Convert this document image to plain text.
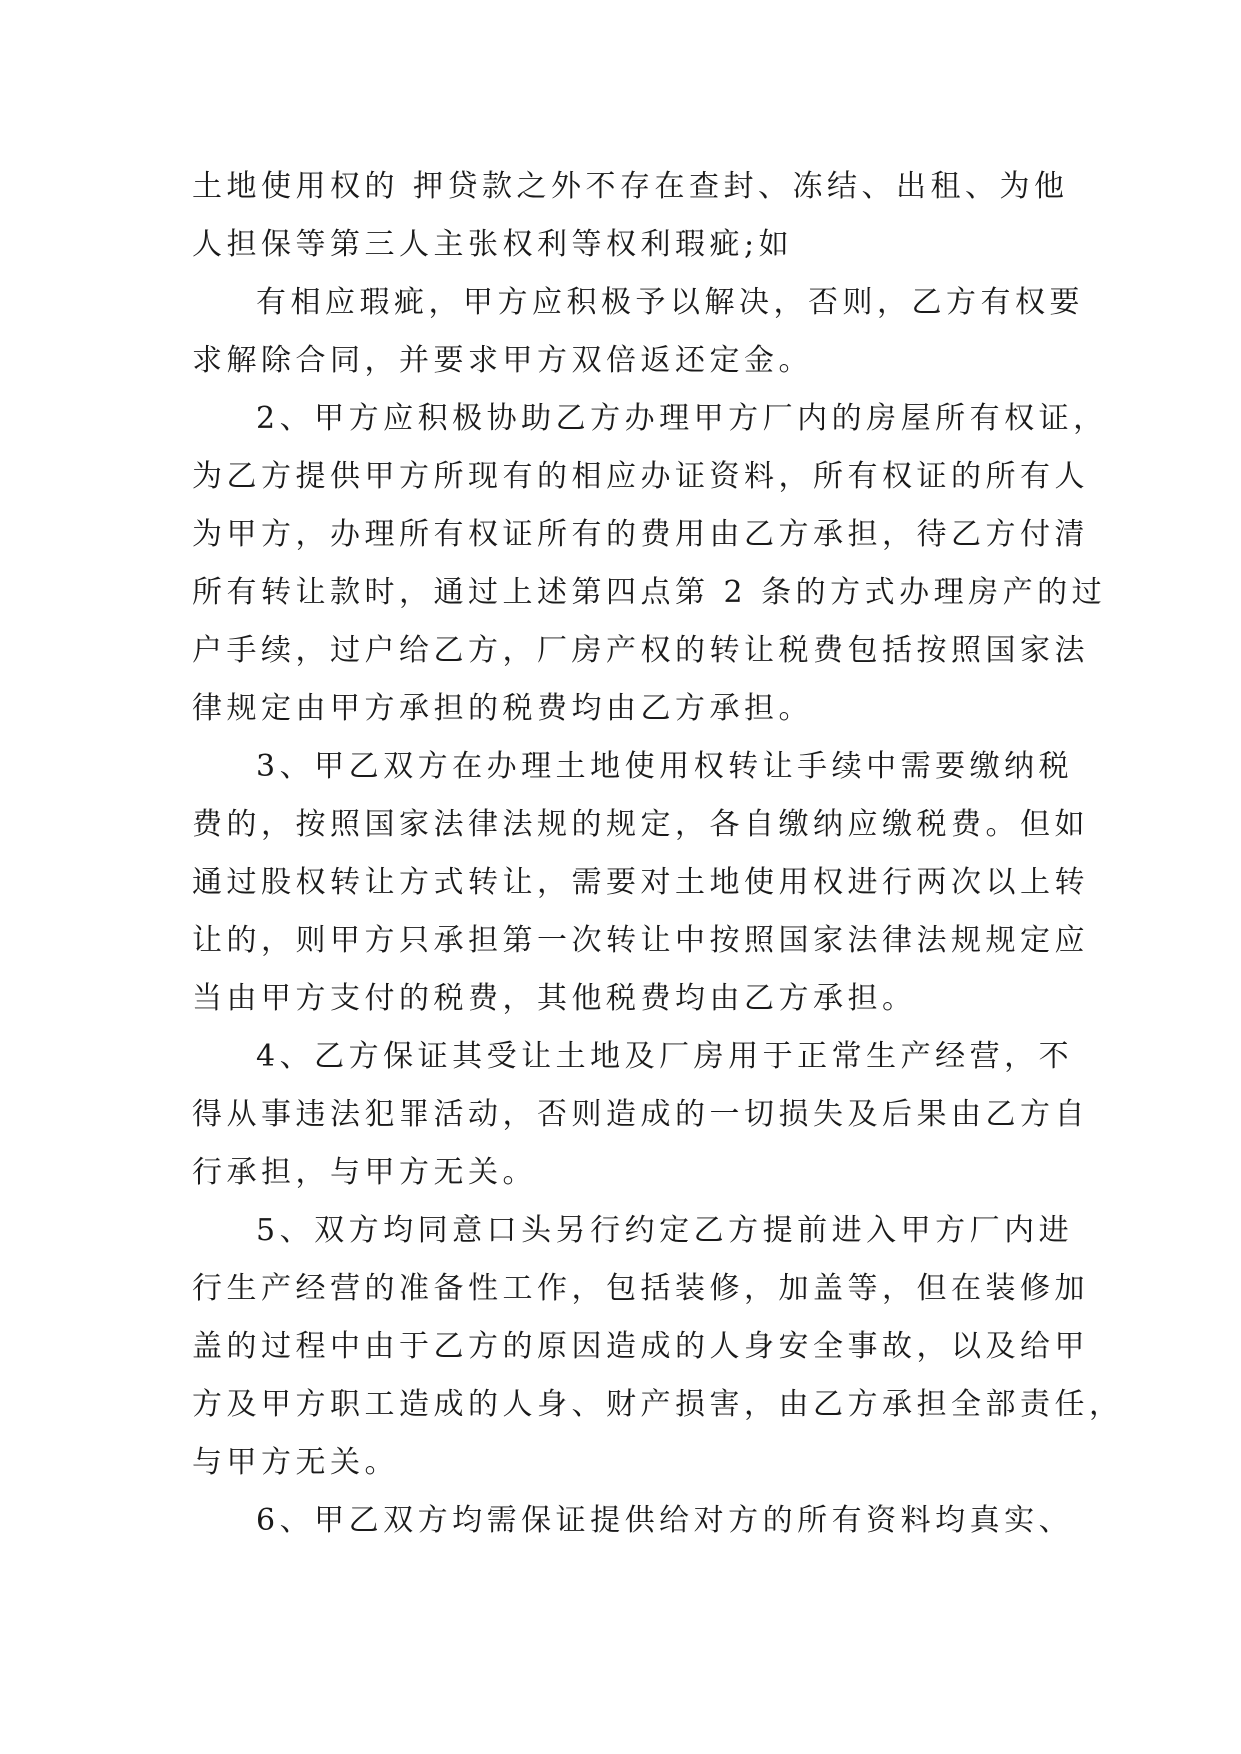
土地使用权的 押贷款之外不存在查封、冻结、出租、为他
人担保等第三人主张权利等权利瑕疵;如
有相应瑕疵，甲方应积极予以解决，否则，乙方有权要
求解除合同，并要求甲方双倍返还定金。
2、甲方应积极协助乙方办理甲方厂内的房屋所有权证，
为乙方提供甲方所现有的相应办证资料，所有权证的所有人
为甲方，办理所有权证所有的费用由乙方承担，待乙方付清
所有转让款时，通过上述第四点第 2 条的方式办理房产的过
户手续，过户给乙方，厂房产权的转让税费包括按照国家法
律规定由甲方承担的税费均由乙方承担。
3、甲乙双方在办理土地使用权转让手续中需要缴纳税
费的，按照国家法律法规的规定，各自缴纳应缴税费。但如
通过股权转让方式转让，需要对土地使用权进行两次以上转
让的，则甲方只承担第一次转让中按照国家法律法规规定应
当由甲方支付的税费，其他税费均由乙方承担。
4、乙方保证其受让土地及厂房用于正常生产经营，不
得从事违法犯罪活动，否则造成的一切损失及后果由乙方自
行承担，与甲方无关。
5、双方均同意口头另行约定乙方提前进入甲方厂内进
行生产经营的准备性工作，包括装修，加盖等，但在装修加
盖的过程中由于乙方的原因造成的人身安全事故，以及给甲
方及甲方职工造成的人身、财产损害，由乙方承担全部责任，
与甲方无关。
6、甲乙双方均需保证提供给对方的所有资料均真实、
